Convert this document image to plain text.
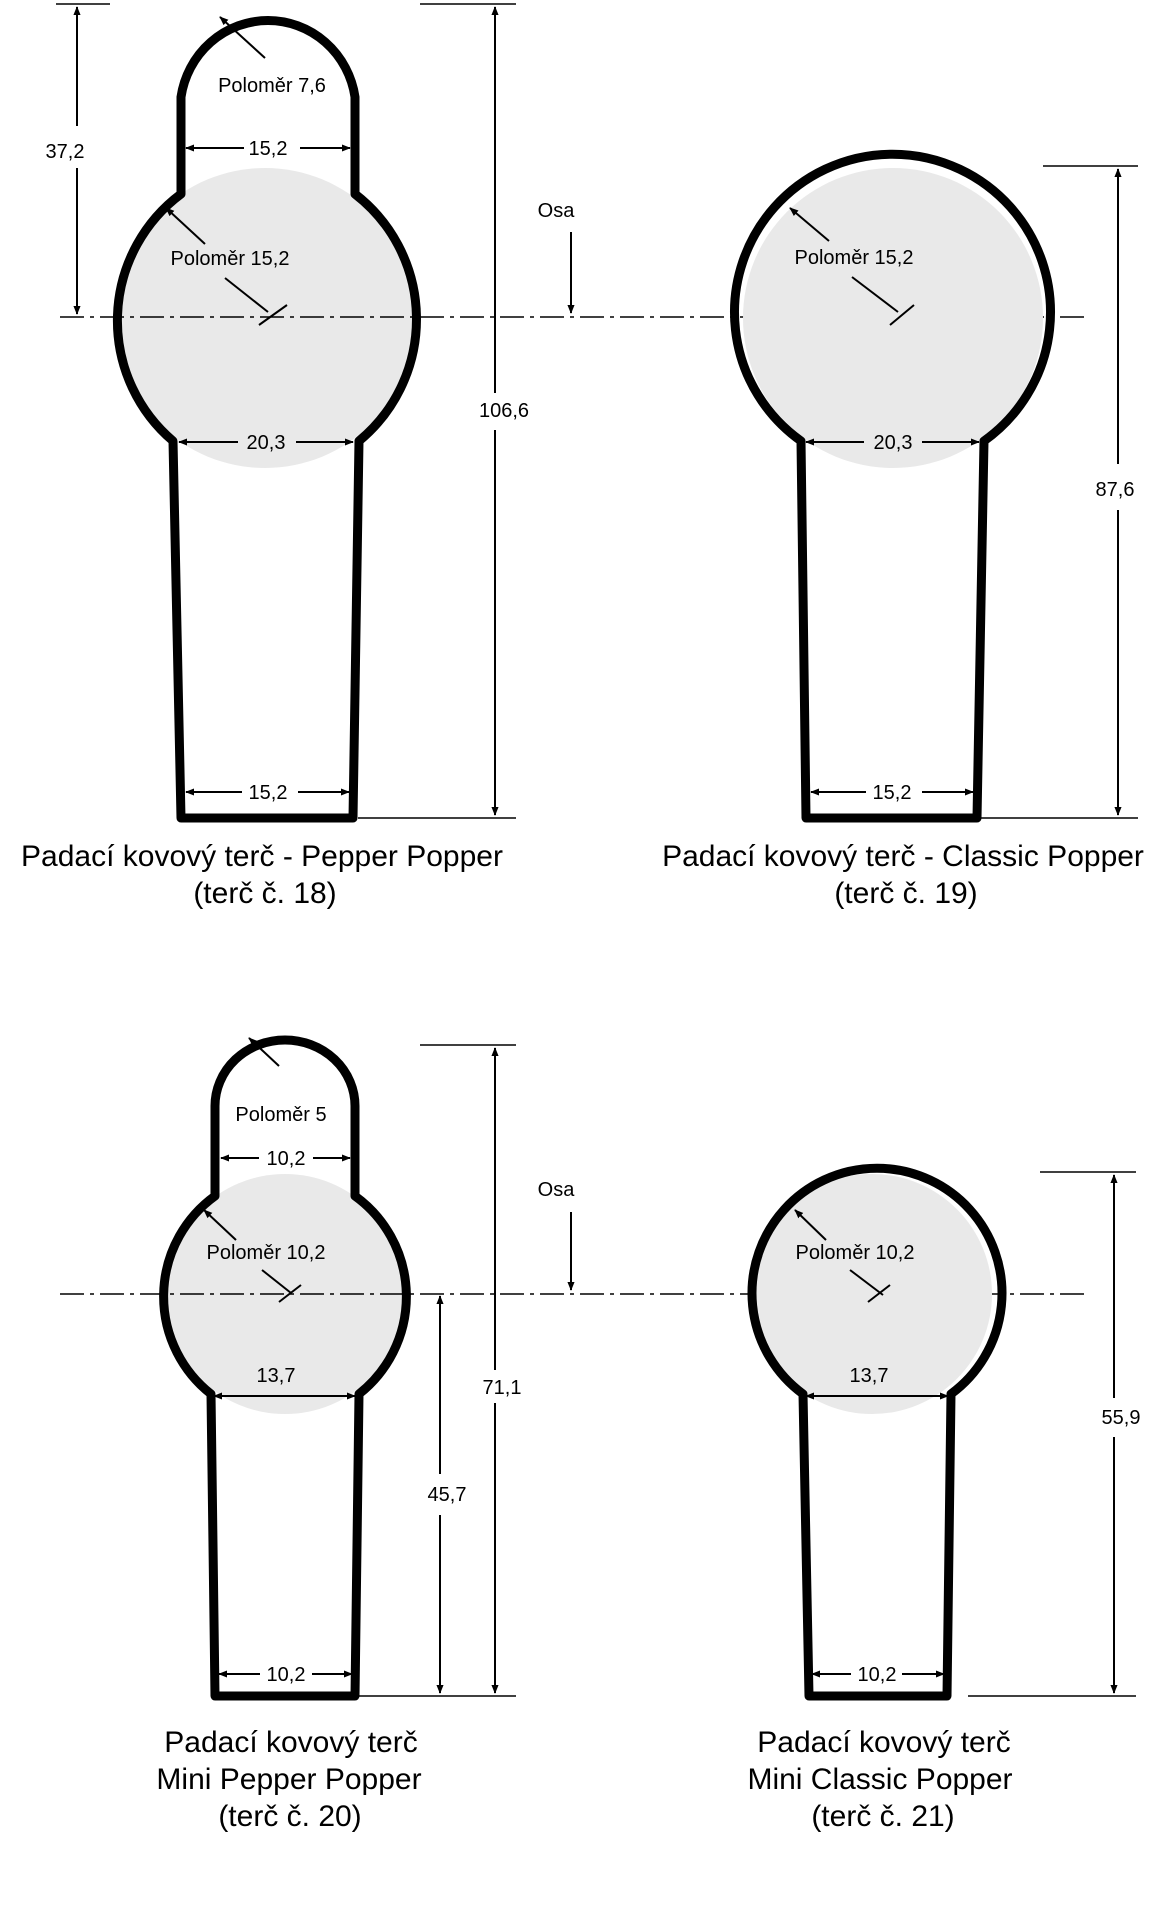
Poloměr 7,6
Poloměr 15,2
15,2
20,3
15,2
37,2
106,6
Osa
Padací kovový terč - Pepper Popper
(terč č. 18)
Poloměr 15,2
20,3
15,2
87,6
Padací kovový terč - Classic Popper
(terč č. 19)
Poloměr 5
Poloměr 10,2
10,2
13,7
10,2
45,7
71,1
Osa
Padací kovový terč
Mini Pepper Popper
(terč č. 20)
Poloměr 10,2
13,7
10,2
55,9
Padací kovový terč
Mini Classic Popper
(terč č. 21)
